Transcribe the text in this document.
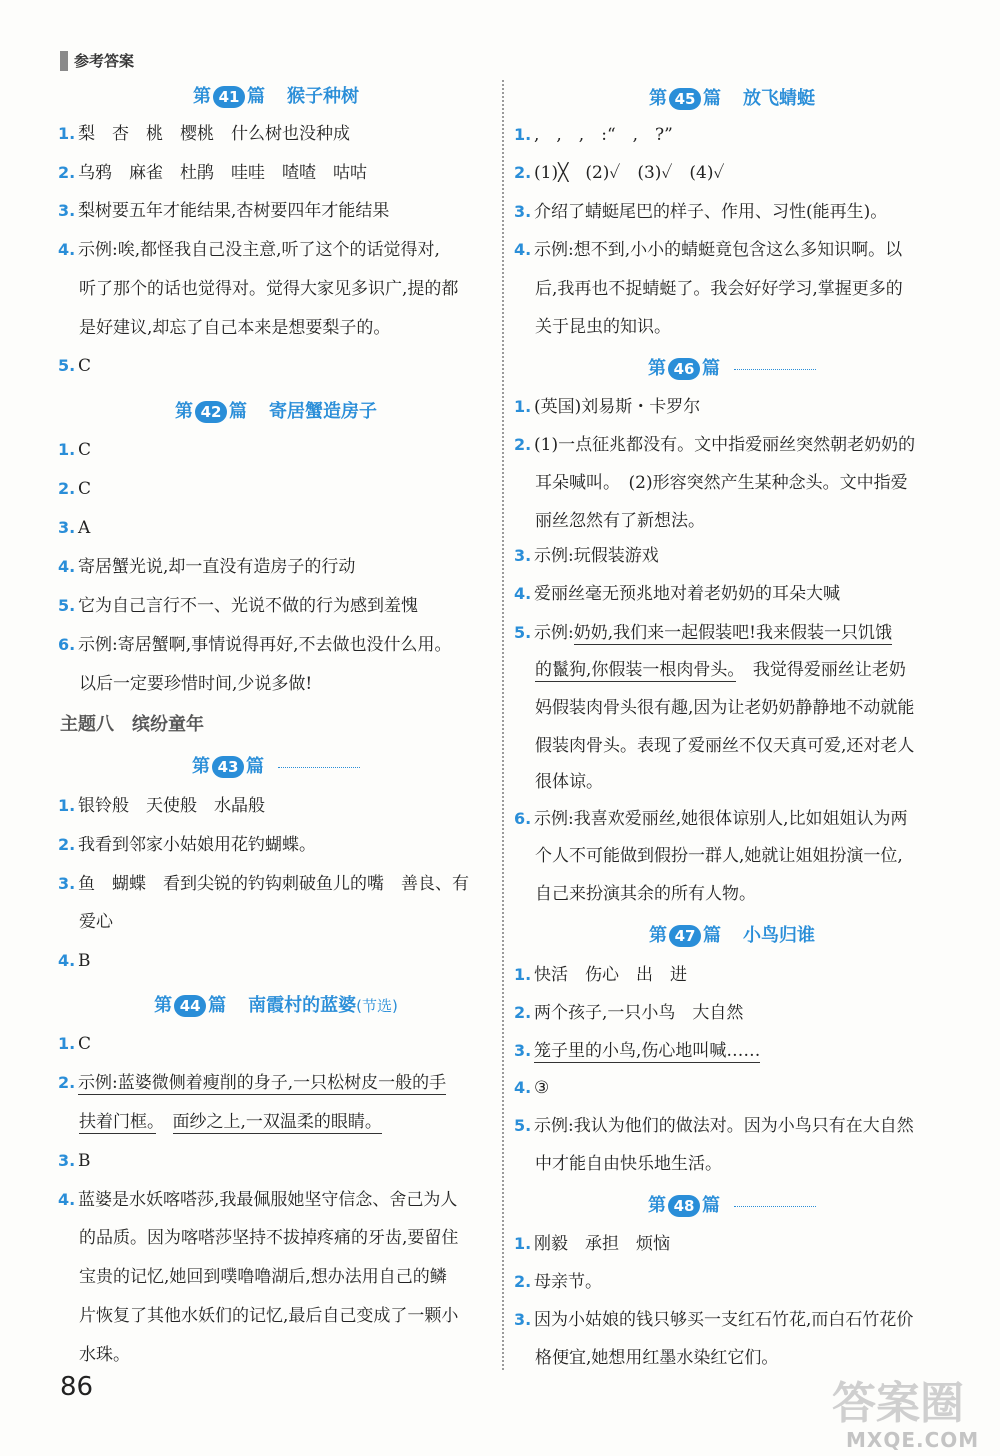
参考答案
第 41 篇 猴子种树
1. 梨　杏　桃　樱桃　什么树也没种成
2. 乌鸦　麻雀　杜鹃　哇哇　喳喳　咕咕
3. 梨树要五年才能结果,杏树要四年才能结果
4. 示例:唉,都怪我自己没主意,听了这个的话觉得对,
听了那个的话也觉得对。觉得大家见多识广,提的都
是好建议,却忘了自己本来是想要梨子的。
5. C
第 42 篇 寄居蟹造房子
1. C
2. C
3. A
4. 寄居蟹光说,却一直没有造房子的行动
5. 它为自己言行不一、光说不做的行为感到羞愧
6. 示例:寄居蟹啊,事情说得再好,不去做也没什么用。
以后一定要珍惜时间,少说多做!
主题八　缤纷童年
第 43 篇
1. 银铃般　天使般　水晶般
2. 我看到邻家小姑娘用花钓蝴蝶。
3. 鱼　蝴蝶　看到尖锐的钓钩刺破鱼儿的嘴　善良、有
爱心
4. B
第 44 篇 南霞村的蓝婆(节选)
1. C
2. 示例:蓝婆微侧着瘦削的身子,一只松树皮一般的手
扶着门框。　 面纱之上,一双温柔的眼睛。
3. B
4. 蓝婆是水妖喀嗒莎,我最佩服她坚守信念、舍己为人
的品质。因为喀嗒莎坚持不拔掉疼痛的牙齿,要留住
宝贵的记忆,她回到噗噜噜湖后,想办法用自己的鳞
片恢复了其他水妖们的记忆,最后自己变成了一颗小
水珠。
第 45 篇 放飞蜻蜓
1. ,　,　,　:“　,　?”
2. (1)╳　(2)✓　(3)✓　(4)✓
3. 介绍了蜻蜓尾巴的样子、作用、习性(能再生)。
4. 示例:想不到,小小的蜻蜓竟包含这么多知识啊。以
后,我再也不捉蜻蜓了。我会好好学习,掌握更多的
关于昆虫的知识。
第 46 篇
1. (英国)刘易斯・卡罗尔
2. (1)一点征兆都没有。文中指爱丽丝突然朝老奶奶的
耳朵喊叫。　(2)形容突然产生某种念头。文中指爱
丽丝忽然有了新想法。
3. 示例:玩假装游戏
4. 爱丽丝毫无预兆地对着老奶奶的耳朵大喊
5. 示例:奶奶,我们来一起假装吧!我来假装一只饥饿
的鬣狗,你假装一根肉骨头。　我觉得爱丽丝让老奶
妈假装肉骨头很有趣,因为让老奶奶静静地不动就能
假装肉骨头。表现了爱丽丝不仅天真可爱,还对老人
很体谅。
6. 示例:我喜欢爱丽丝,她很体谅别人,比如姐姐认为两
个人不可能做到假扮一群人,她就让姐姐扮演一位,
自己来扮演其余的所有人物。
第 47 篇 小鸟归谁
1. 快活　伤心　出　进
2. 两个孩子,一只小鸟　大自然
3. 笼子里的小鸟,伤心地叫喊……
4. ③
5. 示例:我认为他们的做法对。因为小鸟只有在大自然
中才能自由快乐地生活。
第 48 篇
1. 刚毅　承担　烦恼
2. 母亲节。
3. 因为小姑娘的钱只够买一支红石竹花,而白石竹花价
格便宜,她想用红墨水染红它们。
86	答案圈
MXQE.COM
